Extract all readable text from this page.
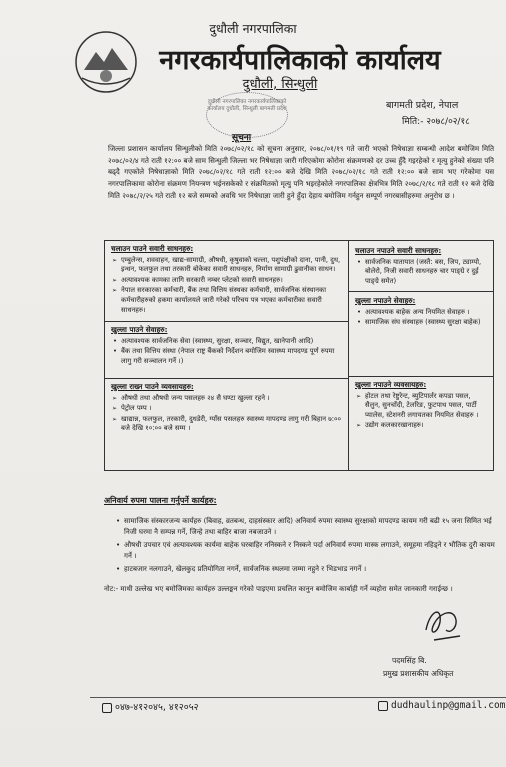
दुधौली नगरपालिका
नगरकार्यपालिकाको कार्यालय
दुधौली, सिन्धुली
बागमती प्रदेश, नेपाल
मिति:- २०७८/०२/१८
दुधौली नगरपालिका नगरकार्यपालिकाको कार्यालय दुधौली, सिन्धुली बागमती प्रदेश
सूचना
जिल्ला प्रशासन कार्यालय सिन्धुलीको मिति २०७८/०२/१८ को सूचना अनुसार, २०७८/०१/१९ गते जारी भएको निषेधाज्ञा सम्बन्धी आदेश बमोजिम मिति २०७८/०२/४ गते राती १२:०० बजे साम सिन्धुली जिल्ला भर निषेधाज्ञा जारी गरिएकोमा कोरोना संक्रमणको दर उच्च हुँदै गइरहेको र मृत्यु हुनेको संख्या पनि बढ्दै गएकोले निषेधाज्ञाको मिति २०७८/०२/१८ गते राती १२:०० बजे देखि मिति २०७८/०२/१८ गते राती १२:०० बजे साम भए गरेकोमा यस नगरपालिकामा कोरोना संक्रमण नियन्त्रण भईनसकेको र संक्रमितको मृत्यु पनि भइरहेकोले नगरपालिका क्षेत्रभित्र मिति २०७८/२/१८ गते राती १२ बजे देखि मिति २०७८/२/२५ गते राती १२ बजे सम्मको अवधि भर निषेधाज्ञा जारी हुने हुँदा देहाय बमोजिम गर्नहुन सम्पूर्ण नगरबासीहरुमा अनुरोध छ ।
चलाउन पाउने सवारी साधनहरु:
➢ एम्बुलेन्स, शववाहन, खाद्य-सामाग्री, औषधी, कृषुवाको चल्ला, पशुपंक्षीको दाना, पानी, दुध, इन्धन, फलफुल तथा तरकारी बोकेका सवारी साधनहरु, निर्माण सामाग्री ढुवानीका साधन।
➢ अत्यावश्यक कामका लागि सरकारी नम्बर प्लेटको सवारी साधनहरु।
➢ नेपाल सरकारका कर्मचारी, बैंक तथा वित्तिय संस्थका कर्मचारी, सार्वजनिक संस्थानका कर्मचारीहरुको हकमा कार्यालयले जारी गरेको परिचय पत्र भएका कर्मचारीका सवारी साधनहरु।
चलाउन नपाउने सवारी साधनहरु:
• सार्वजनिक यातायात (जस्तै: बस, जिप, ट्याम्पो, बोलेरो, निजी सवारी साधनहरु चार पाङ्ग्रे र दुई पाङ्ग्रे समेत)
खुल्ला पाउने सेवाहरु:
• अत्यावश्यक सार्वजनिक सेवा (स्वास्थ्य, सुरक्षा, सञ्चार, विद्युत, खानेपानी आदि)
• बैंक तथा वित्तिय संस्था (नेपाल राष्ट्र बैंकको निर्देशन बमोजिम स्वास्थ्य मापदण्ड पूर्ण रुपमा लागु गरी सञ्चालन गर्ने ।)
खुल्ला नपाउने सेवाहरु:
• अत्यावश्यक बाहेक अन्य नियमित सेवाहरु ।
• सामाजिक संघ संस्थाहरु (स्वास्थ्य सुरक्षा बाहेक)
खुल्ला राख्न पाउने व्यवसायहरु:
➢ औषधी तथा औषधी जन्य पसलहरु २४ सै घण्टा खुल्ला रहने ।
➢ पेट्रोल पम्प ।
➢ खाद्यान्न, फलफुल, तरकारी, दुधडेरी, ग्याँस पसलहरु स्वास्थ्य मापदण्ड लागु गरी बिहान ७:०० बजे देखि १०:०० बजे सम्म ।
खुल्ला नपाउने व्यवसायहरु:
➢ होटल तथा रेष्टुरेन्ट, ब्युटिपार्लर कपडा पसल, सैलुन, सुनचाँदी, टेलरिङ, फुटपाथ पसल, पार्टी प्यालेस, स्टेशनरी लगायतका नियमित सेवाहरु ।
➢ उद्योग कलकारखानाहरु।
अनिवार्य रुपमा पालना गर्नुपर्ने कार्यहरु:
• सामाजिक संस्कारजन्य कार्यहरु (बिवाह, व्रतबन्ध, दाहसंस्कार आदि) अनिवार्य रुपमा स्वास्थ्य सुरक्षाको मापदण्ड कायम गरी बढी १५ जना सिमित भई निजी घरमा नै सम्पन्न गर्ने, जिन्हे तथा बाहिर बाजा नबजाउने ।
• औषधी उपचार एवं अत्यावश्यक कार्यमा बाहेक घरबाहिर ननिस्कने र निस्कने पर्दा अनिवार्य रुपमा मास्क लगाउने, समूहमा नहिड्ने र भौतिक दुरी कायम गर्ने ।
• हाटबजार नलगाउने, खेलकुद प्रतियोगिता नगर्ने, सार्वजनिक स्थलमा जम्मा नहुने र भिडभाड नगर्ने ।
नोट:- माथी उल्लेख भए बमोजिमका कार्यहरु उल्लङ्घन गरेको पाइएमा प्रचलित कानुन बमोजिम कार्बाही गर्ने व्यहोरा समेत जानकारी गराईन्छ ।
पदमसिंह बि.
प्रमुख प्रशासकीय अधिकृत
०४७-४१२०४५, ४१२०५२	dudhaulinp@gmail.com
